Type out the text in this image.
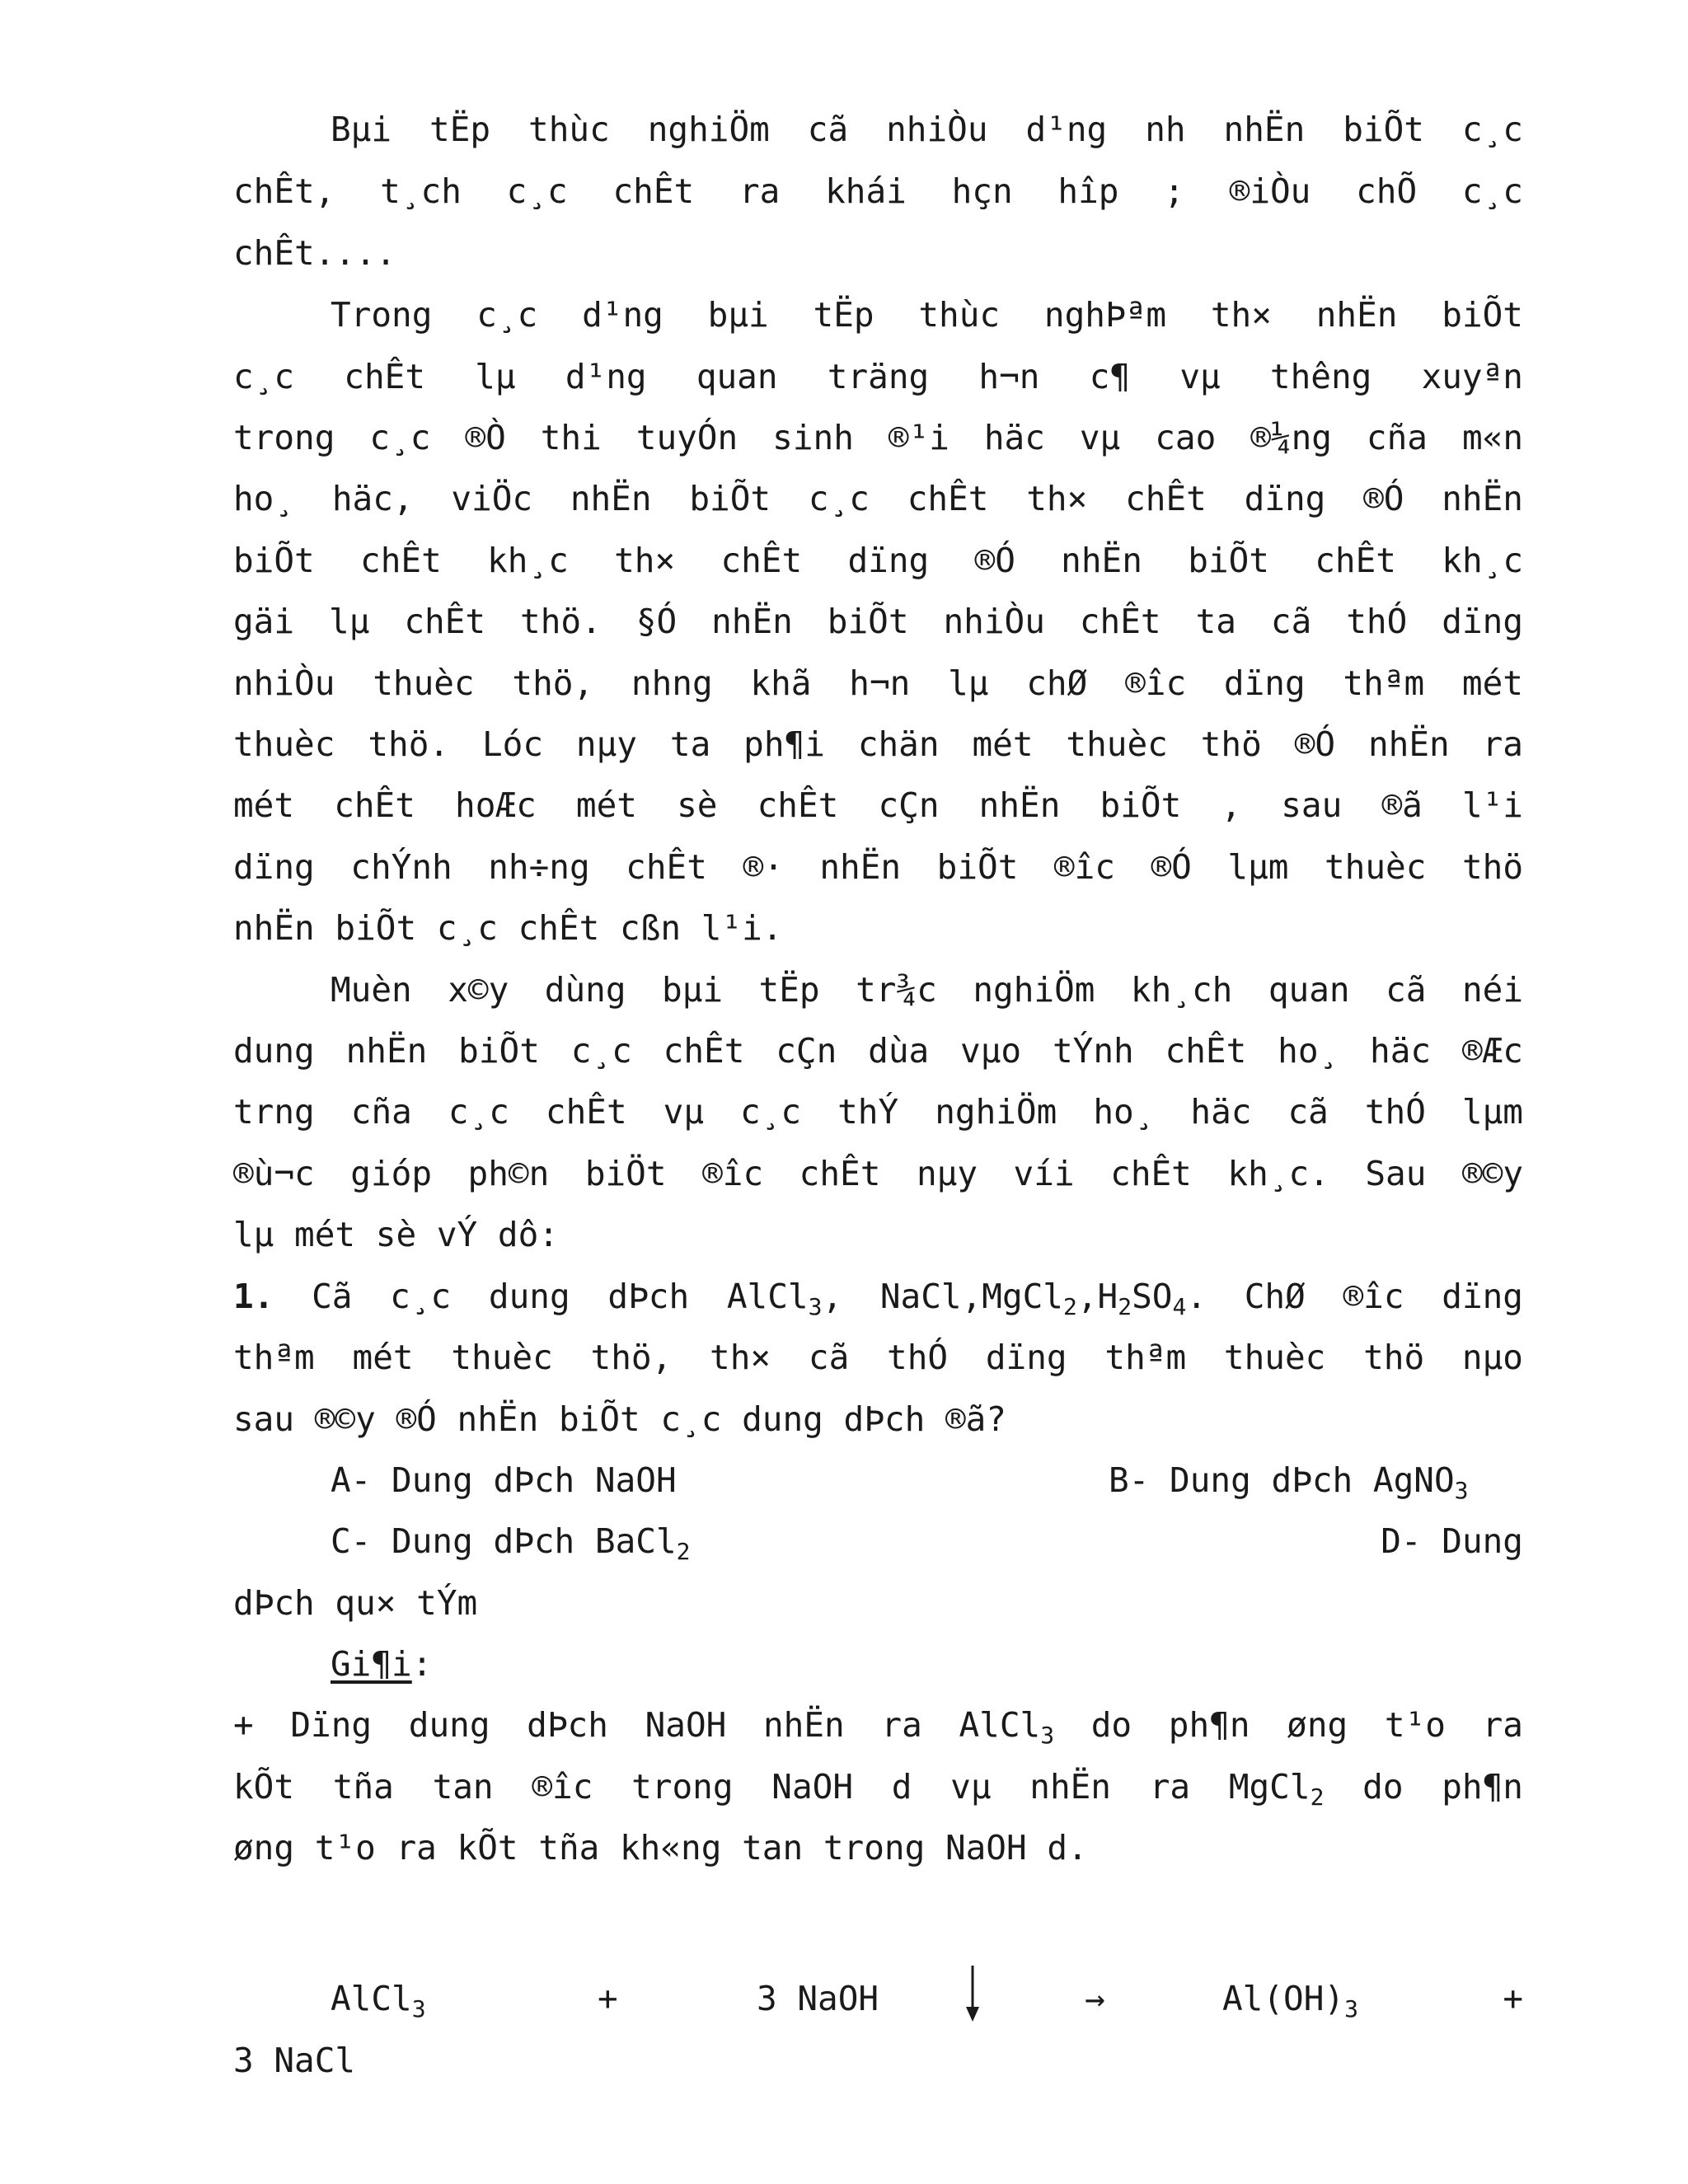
Bµi tËp thùc nghiÖm cã nhiÒu d¹ng nh nhËn biÕt c¸c
chÊt, t¸ch c¸c chÊt ra khái hçn hîp ; ®iÒu chÕ c¸c
chÊt....
Trong c¸c d¹ng bµi tËp thùc nghÞªm th× nhËn biÕt
c¸c chÊt lµ d¹ng quan träng h¬n c¶ vµ thêng xuyªn
trong c¸c ®Ò thi tuyÓn sinh ®¹i häc vµ cao ®¼ng cña m«n
ho¸ häc, viÖc nhËn biÕt c¸c chÊt th× chÊt dïng ®Ó nhËn
biÕt chÊt kh¸c th× chÊt dïng ®Ó nhËn biÕt chÊt kh¸c
gäi lµ chÊt thö. §Ó nhËn biÕt nhiÒu chÊt ta cã thÓ dïng
nhiÒu thuèc thö, nhng khã h¬n lµ chØ ®îc dïng thªm mét
thuèc thö. Lóc nµy ta ph¶i chän mét thuèc thö ®Ó nhËn ra
mét chÊt hoÆc mét sè chÊt cÇn nhËn biÕt , sau ®ã l¹i
dïng chÝnh nh÷ng chÊt ®· nhËn biÕt ®îc ®Ó lµm thuèc thö
nhËn biÕt c¸c chÊt cßn l¹i.
Muèn x©y dùng bµi tËp tr¾c nghiÖm kh¸ch quan cã néi
dung nhËn biÕt c¸c chÊt cÇn dùa vµo tÝnh chÊt ho¸ häc ®Æc
trng cña c¸c chÊt vµ c¸c thÝ nghiÖm ho¸ häc cã thÓ lµm
®ù¬c gióp ph©n biÖt ®îc chÊt nµy víi chÊt kh¸c. Sau ®©y
lµ mét sè vÝ dô:
1. Cã c¸c dung dÞch AlCl$_3$, $NaCl,MgCl_2,H_2SO_4$. ChØ ®îc dïng
thªm mét thuèc thö, th× cã thÓ dïng thªm thuèc thö nµo
sau ®©y ®Ó nhËn biÕt c¸c dung dÞch ®ã?
A- Dung dÞch NaOH	B- Dung dÞch AgNO$_3$
C- Dung dÞch BaCl$_2$	D- Dung
dÞch qu× tÝm
Gi¶i:
+ Dïng dung dÞch NaOH nhËn ra AlCl$_3$ do ph¶n øng t¹o ra
kÕt tña tan ®îc trong NaOH d vµ nhËn ra MgCl$_2$ do ph¶n
øng t¹o ra kÕt tña kh«ng tan trong NaOH d.
AlCl$_3$	+	3 NaOH	→	$Al(OH)_3$	+
3 NaCl
